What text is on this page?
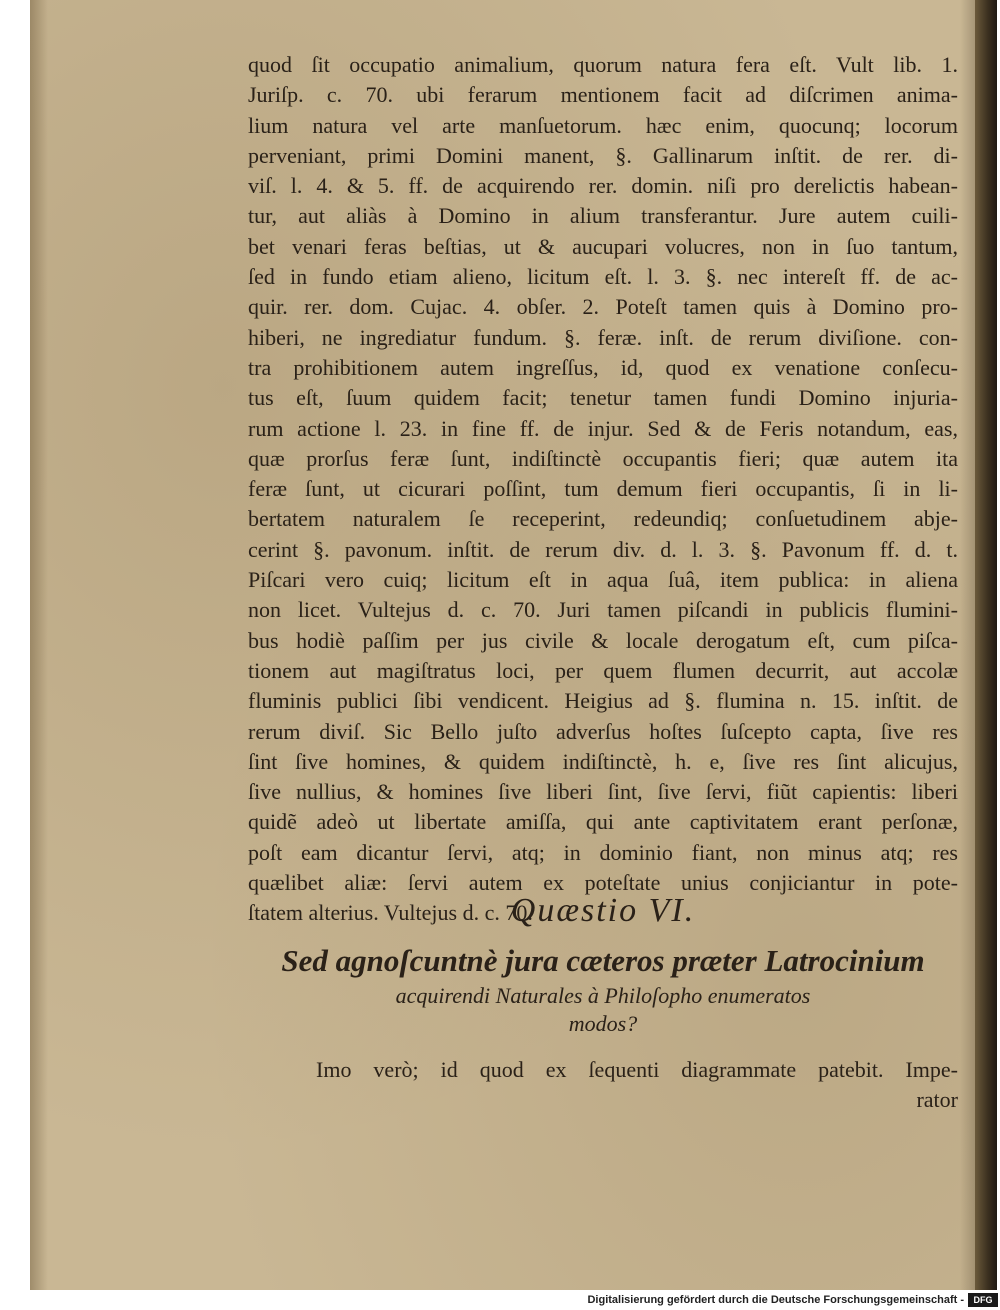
quod ſit occupatio animalium, quorum natura fera eſt. Vult lib. 1.
Juriſp. c. 70. ubi ferarum mentionem facit ad diſcrimen anima-
lium natura vel arte manſuetorum. hæc enim, quocunq; locorum
perveniant, primi Domini manent, §. Gallinarum inſtit. de rer. di-
viſ. l. 4. & 5. ff. de acquirendo rer. domin. niſi pro derelictis habean-
tur, aut aliàs à Domino in alium transferantur. Jure autem cuili-
bet venari feras beſtias, ut & aucupari volucres, non in ſuo tantum,
ſed in fundo etiam alieno, licitum eſt. l. 3. §. nec intereſt ff. de ac-
quir. rer. dom. Cujac. 4. obſer. 2. Poteſt tamen quis à Domino pro-
hiberi, ne ingrediatur fundum. §. feræ. inſt. de rerum diviſione. con-
tra prohibitionem autem ingreſſus, id, quod ex venatione conſecu-
tus eſt, ſuum quidem facit; tenetur tamen fundi Domino injuria-
rum actione l. 23. in fine ff. de injur. Sed & de Feris notandum, eas,
quæ prorſus feræ ſunt, indiſtinctè occupantis fieri; quæ autem ita
feræ ſunt, ut cicurari poſſint, tum demum fieri occupantis, ſi in li-
bertatem naturalem ſe receperint, redeundiq; conſuetudinem abje-
cerint §. pavonum. inſtit. de rerum div. d. l. 3. §. Pavonum ff. d. t.
Piſcari vero cuiq; licitum eſt in aqua ſuâ, item publica: in aliena
non licet. Vultejus d. c. 70. Juri tamen piſcandi in publicis flumini-
bus hodiè paſſim per jus civile & locale derogatum eſt, cum piſca-
tionem aut magiſtratus loci, per quem flumen decurrit, aut accolæ
fluminis publici ſibi vendicent. Heigius ad §. flumina n. 15. inſtit. de
rerum diviſ. Sic Bello juſto adverſus hoſtes ſuſcepto capta, ſive res
ſint ſive homines, & quidem indiſtinctè, h. e, ſive res ſint alicujus,
ſive nullius, & homines ſive liberi ſint, ſive ſervi, fiũt capientis: liberi
quidẽ adeò ut libertate amiſſa, qui ante captivitatem erant perſonæ,
poſt eam dicantur ſervi, atq; in dominio fiant, non minus atq; res
quælibet aliæ: ſervi autem ex poteſtate unius conjiciantur in pote-
ſtatem alterius. Vultejus d. c. 70.
Quæstio VI.
Sed agnoſcuntnè jura cæteros præter Latrocinium
acquirendi Naturales à Philoſopho enumeratos
modos?
Imo verò; id quod ex ſequenti diagrammate patebit. Impe-
rator
Digitalisierung gefördert durch die Deutsche Forschungsgemeinschaft -	DFG
